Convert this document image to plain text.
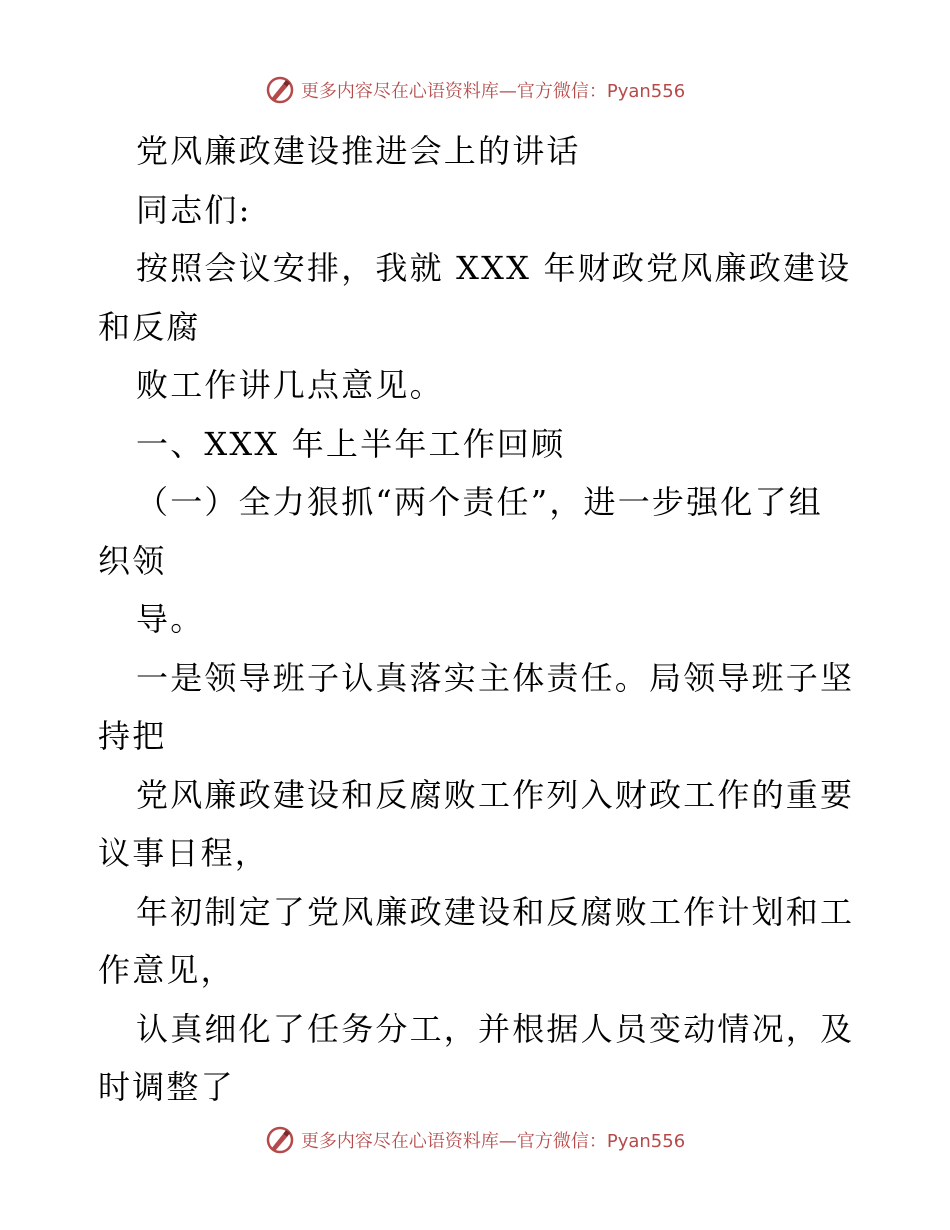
更多内容尽在心语资料库—官方微信：Pyan556
党风廉政建设推进会上的讲话
同志们:
按照会议安排，我就 XXX 年财政党风廉政建设
和反腐
败工作讲几点意见。
一、XXX 年上半年工作回顾
（一）全力狠抓“两个责任”，进一步强化了组
织领
导。
一是领导班子认真落实主体责任。局领导班子坚
持把
党风廉政建设和反腐败工作列入财政工作的重要
议事日程，
年初制定了党风廉政建设和反腐败工作计划和工
作意见，
认真细化了任务分工，并根据人员变动情况，及
时调整了
更多内容尽在心语资料库—官方微信：Pyan556
